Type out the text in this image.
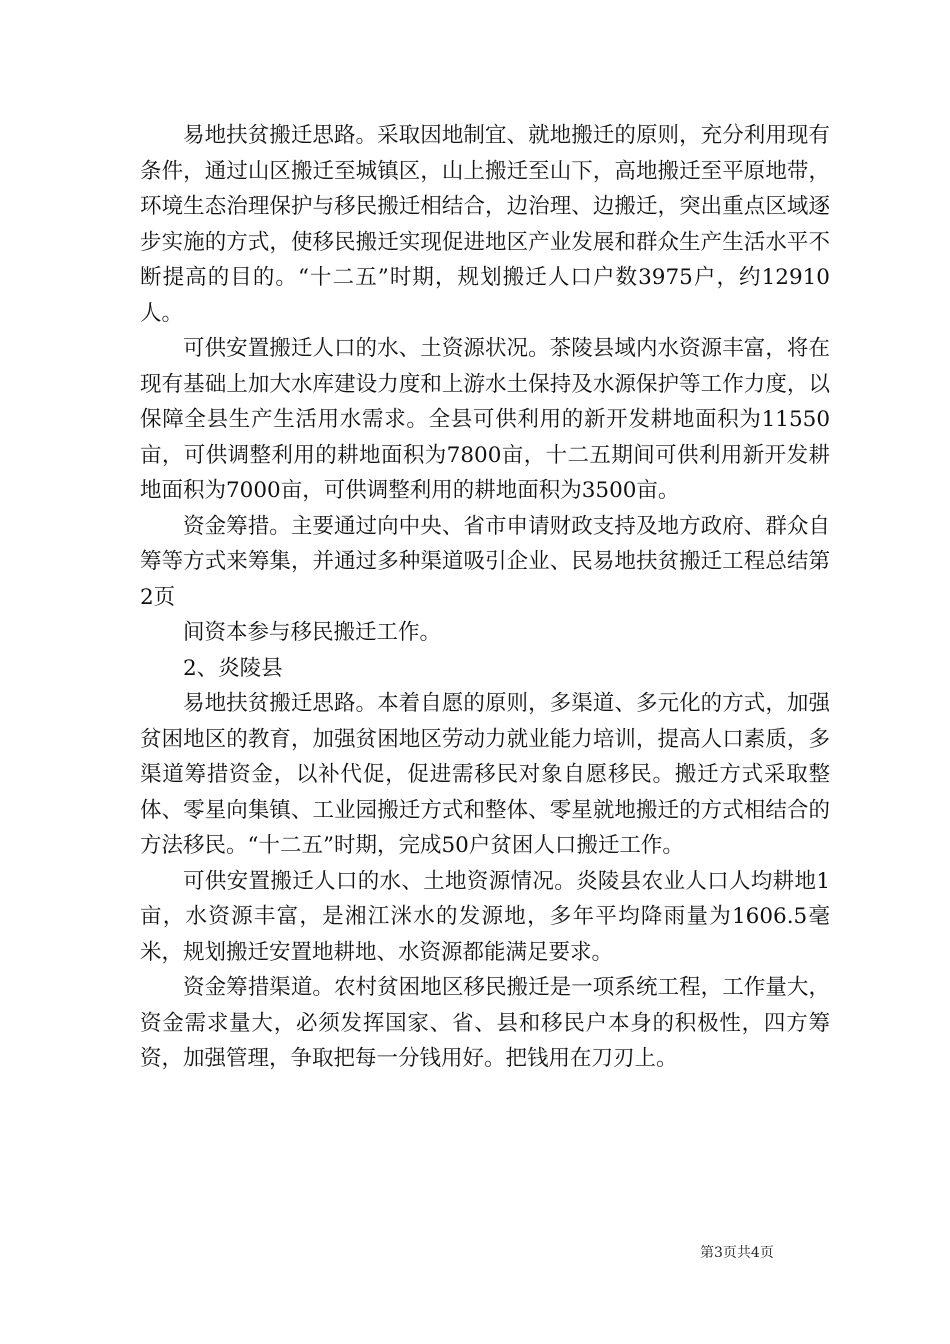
易地扶贫搬迁思路。采取因地制宜、就地搬迁的原则，充分利用现有条件，通过山区搬迁至城镇区，山上搬迁至山下，高地搬迁至平原地带，环境生态治理保护与移民搬迁相结合，边治理、边搬迁，突出重点区域逐步实施的方式，使移民搬迁实现促进地区产业发展和群众生产生活水平不断提高的目的。“十二五”时期，规划搬迁人口户数3975户，约12910人。

可供安置搬迁人口的水、土资源状况。茶陵县域内水资源丰富，将在现有基础上加大水库建设力度和上游水土保持及水源保护等工作力度，以保障全县生产生活用水需求。全县可供利用的新开发耕地面积为11550亩，可供调整利用的耕地面积为7800亩，十二五期间可供利用新开发耕地面积为7000亩，可供调整利用的耕地面积为3500亩。

资金筹措。主要通过向中央、省市申请财政支持及地方政府、群众自筹等方式来筹集，并通过多种渠道吸引企业、民易地扶贫搬迁工程总结第2页

间资本参与移民搬迁工作。

2、炎陵县

易地扶贫搬迁思路。本着自愿的原则，多渠道、多元化的方式，加强贫困地区的教育，加强贫困地区劳动力就业能力培训，提高人口素质，多渠道筹措资金，以补代促，促进需移民对象自愿移民。搬迁方式采取整体、零星向集镇、工业园搬迁方式和整体、零星就地搬迁的方式相结合的方法移民。“十二五”时期，完成50户贫困人口搬迁工作。

可供安置搬迁人口的水、土地资源情况。炎陵县农业人口人均耕地1亩，水资源丰富，是湘江洣水的发源地，多年平均降雨量为1606.5毫米，规划搬迁安置地耕地、水资源都能满足要求。

资金筹措渠道。农村贫困地区移民搬迁是一项系统工程，工作量大，资金需求量大，必须发挥国家、省、县和移民户本身的积极性，四方筹资，加强管理，争取把每一分钱用好。把钱用在刀刃上。

第3页共4页
